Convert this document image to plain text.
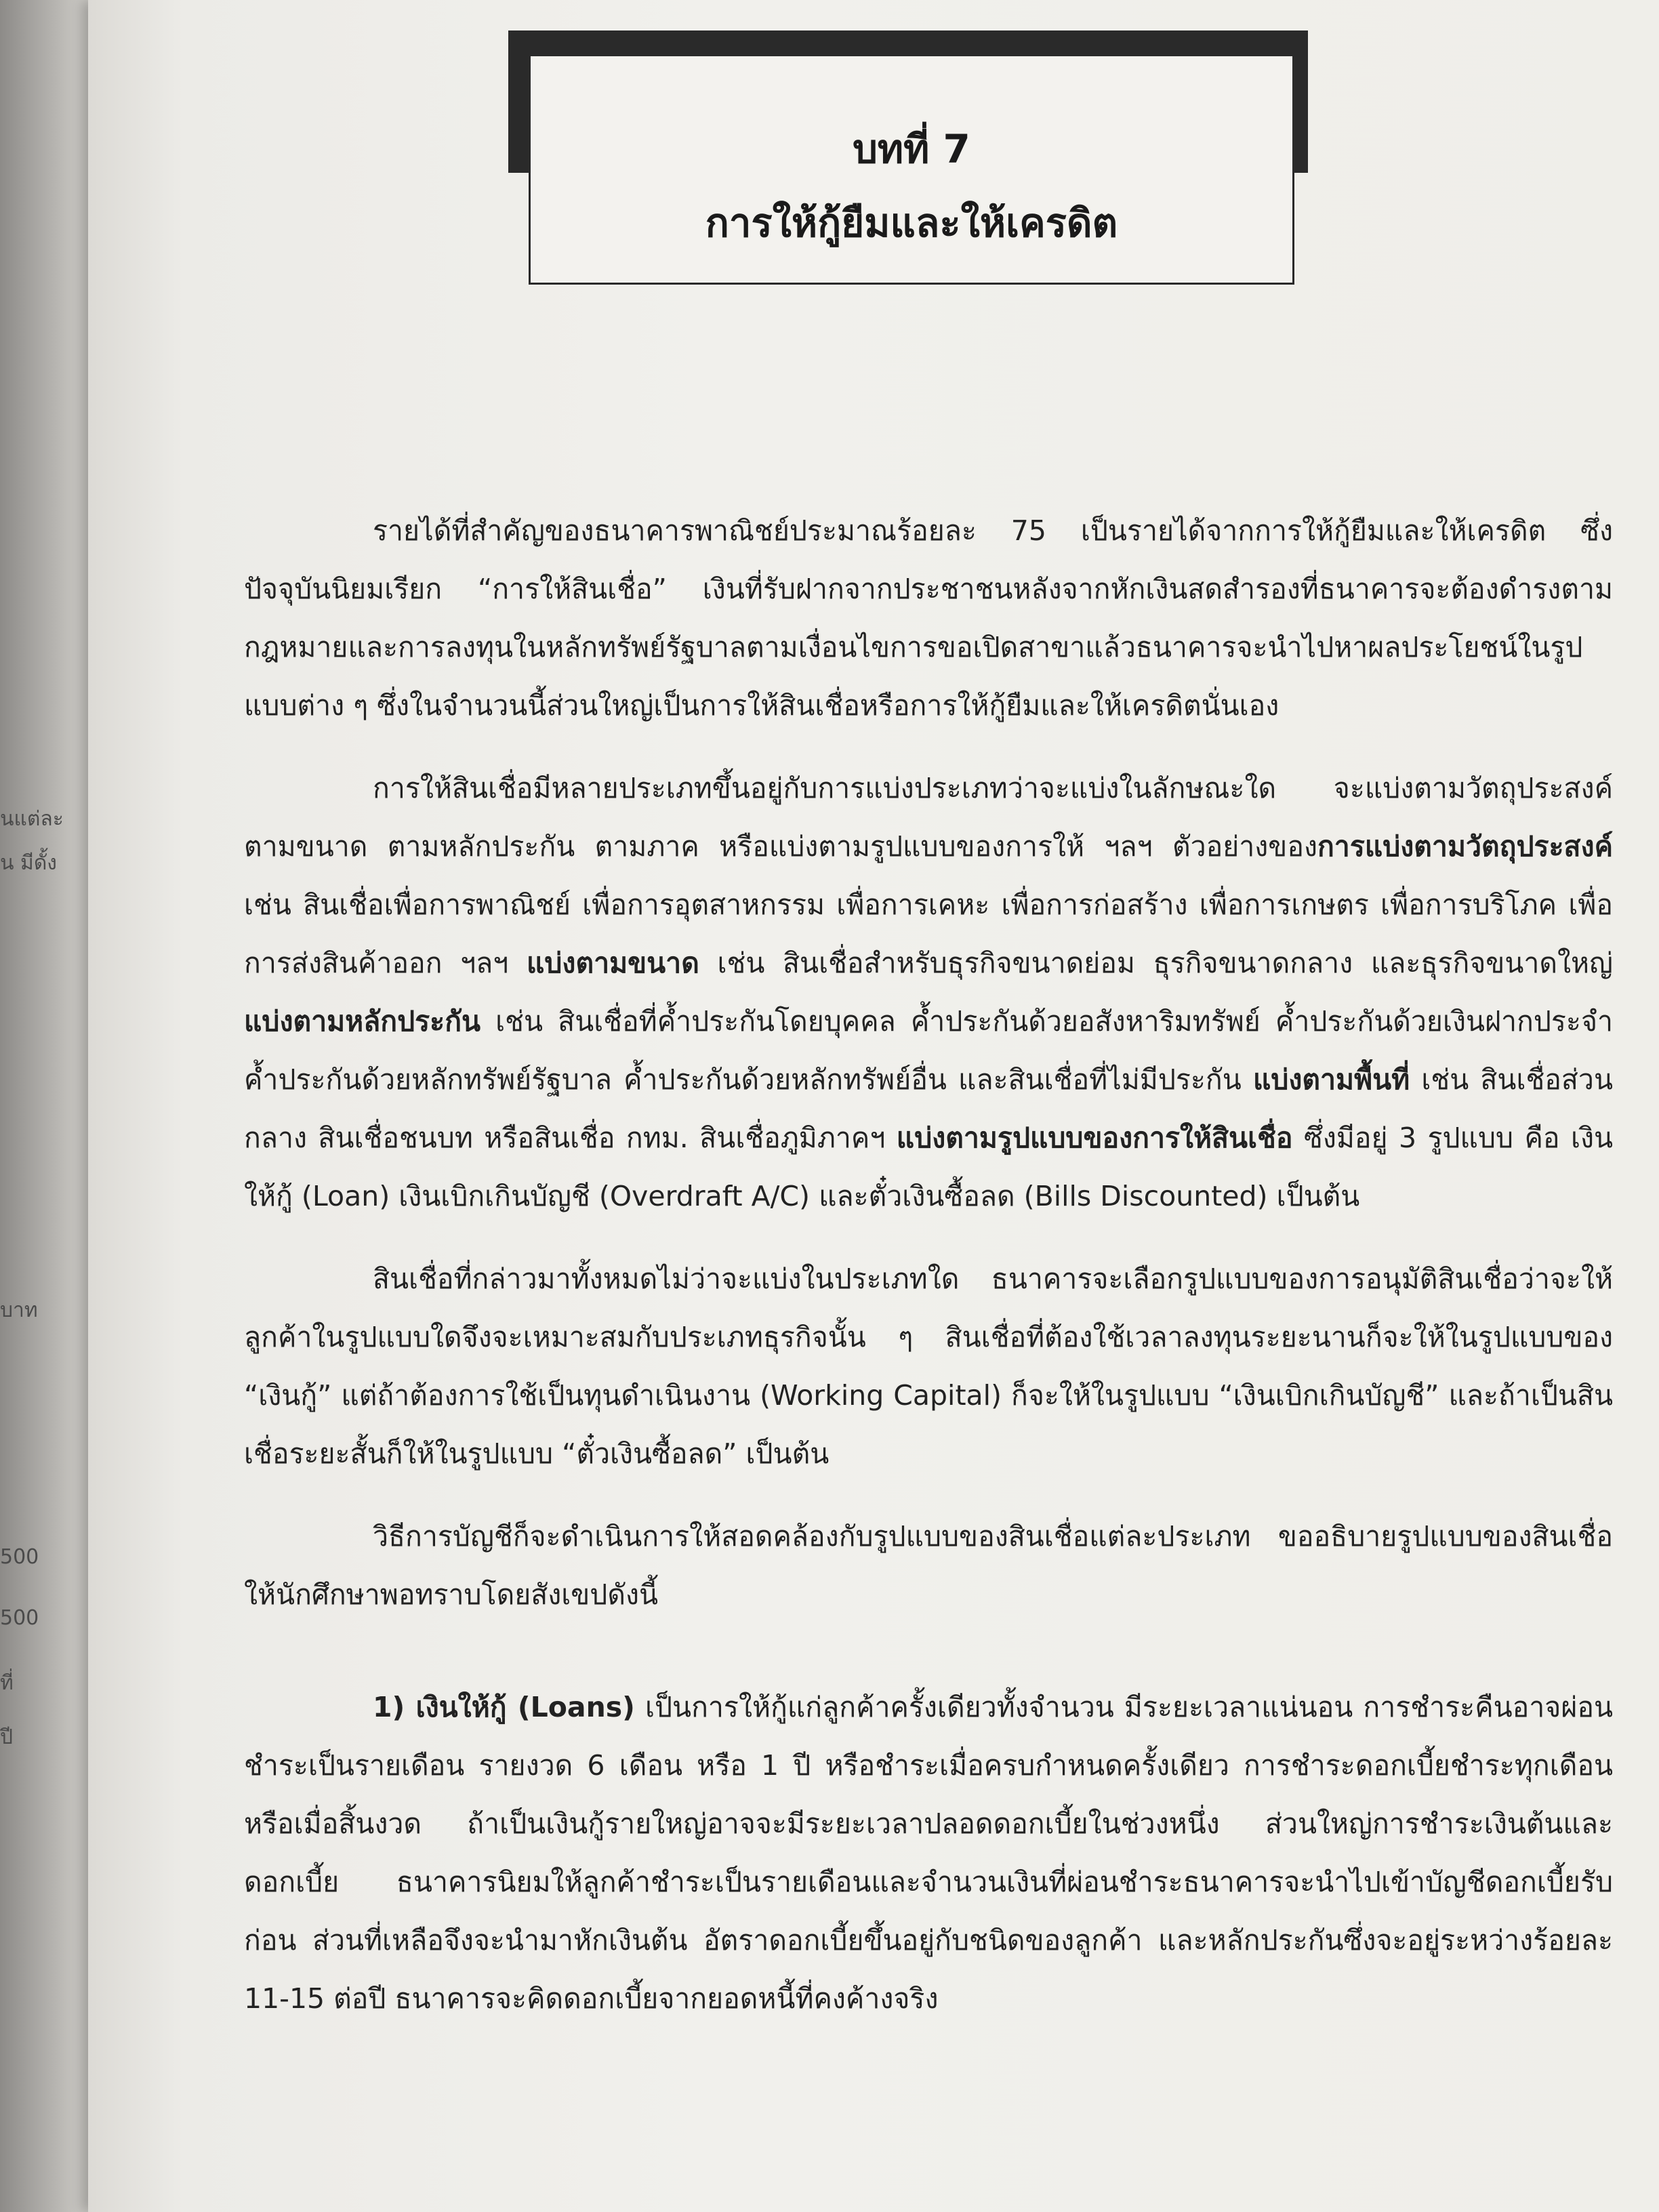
นแต่ละ
น มีดั้ง
บาท
500
500
ที่
ปี
บทที่ 7
การให้กู้ยืมและให้เครดิต

รายได้ที่สำคัญของธนาคารพาณิชย์ประมาณร้อยละ 75 เป็นรายได้จากการให้กู้ยืมและให้เครดิต ซึ่งปัจจุบันนิยมเรียก “การให้สินเชื่อ” เงินที่รับฝากจากประชาชนหลังจากหักเงินสดสำรองที่ธนาคารจะต้องดำรงตามกฎหมายและการลงทุนในหลักทรัพย์รัฐบาลตามเงื่อนไขการขอเปิดสาขาแล้วธนาคารจะนำไปหาผลประโยชน์ในรูปแบบต่าง ๆ ซึ่งในจำนวนนี้ส่วนใหญ่เป็นการให้สินเชื่อหรือการให้กู้ยืมและให้เครดิตนั่นเอง

การให้สินเชื่อมีหลายประเภทขึ้นอยู่กับการแบ่งประเภทว่าจะแบ่งในลักษณะใด จะแบ่งตามวัตถุประสงค์ ตามขนาด ตามหลักประกัน ตามภาค หรือแบ่งตามรูปแบบของการให้ ฯลฯ ตัวอย่างของการแบ่งตามวัตถุประสงค์ เช่น สินเชื่อเพื่อการพาณิชย์ เพื่อการอุตสาหกรรม เพื่อการเคหะ เพื่อการก่อสร้าง เพื่อการเกษตร เพื่อการบริโภค เพื่อการส่งสินค้าออก ฯลฯ แบ่งตามขนาด เช่น สินเชื่อสำหรับธุรกิจขนาดย่อม ธุรกิจขนาดกลาง และธุรกิจขนาดใหญ่ แบ่งตามหลักประกัน เช่น สินเชื่อที่ค้ำประกันโดยบุคคล ค้ำประกันด้วยอสังหาริมทรัพย์ ค้ำประกันด้วยเงินฝากประจำ ค้ำประกันด้วยหลักทรัพย์รัฐบาล ค้ำประกันด้วยหลักทรัพย์อื่น และสินเชื่อที่ไม่มีประกัน แบ่งตามพื้นที่ เช่น สินเชื่อส่วนกลาง สินเชื่อชนบท หรือสินเชื่อ กทม. สินเชื่อภูมิภาคฯ แบ่งตามรูปแบบของการให้สินเชื่อ ซึ่งมีอยู่ 3 รูปแบบ คือ เงินให้กู้ (Loan) เงินเบิกเกินบัญชี (Overdraft A/C) และตั๋วเงินซื้อลด (Bills Discounted) เป็นต้น

สินเชื่อที่กล่าวมาทั้งหมดไม่ว่าจะแบ่งในประเภทใด ธนาคารจะเลือกรูปแบบของการอนุมัติสินเชื่อว่าจะให้ลูกค้าในรูปแบบใดจึงจะเหมาะสมกับประเภทธุรกิจนั้น ๆ สินเชื่อที่ต้องใช้เวลาลงทุนระยะนานก็จะให้ในรูปแบบของ “เงินกู้” แต่ถ้าต้องการใช้เป็นทุนดำเนินงาน (Working Capital) ก็จะให้ในรูปแบบ “เงินเบิกเกินบัญชี” และถ้าเป็นสินเชื่อระยะสั้นก็ให้ในรูปแบบ “ตั๋วเงินซื้อลด” เป็นต้น

วิธีการบัญชีก็จะดำเนินการให้สอดคล้องกับรูปแบบของสินเชื่อแต่ละประเภท ขออธิบายรูปแบบของสินเชื่อให้นักศึกษาพอทราบโดยสังเขปดังนี้

1) เงินให้กู้ (Loans) เป็นการให้กู้แก่ลูกค้าครั้งเดียวทั้งจำนวน มีระยะเวลาแน่นอน การชำระคืนอาจผ่อนชำระเป็นรายเดือน รายงวด 6 เดือน หรือ 1 ปี หรือชำระเมื่อครบกำหนดครั้งเดียว การชำระดอกเบี้ยชำระทุกเดือนหรือเมื่อสิ้นงวด ถ้าเป็นเงินกู้รายใหญ่อาจจะมีระยะเวลาปลอดดอกเบี้ยในช่วงหนึ่ง ส่วนใหญ่การชำระเงินต้นและดอกเบี้ย ธนาคารนิยมให้ลูกค้าชำระเป็นรายเดือนและจำนวนเงินที่ผ่อนชำระธนาคารจะนำไปเข้าบัญชีดอกเบี้ยรับก่อน ส่วนที่เหลือจึงจะนำมาหักเงินต้น อัตราดอกเบี้ยขึ้นอยู่กับชนิดของลูกค้า และหลักประกันซึ่งจะอยู่ระหว่างร้อยละ 11-15 ต่อปี ธนาคารจะคิดดอกเบี้ยจากยอดหนี้ที่คงค้างจริง
